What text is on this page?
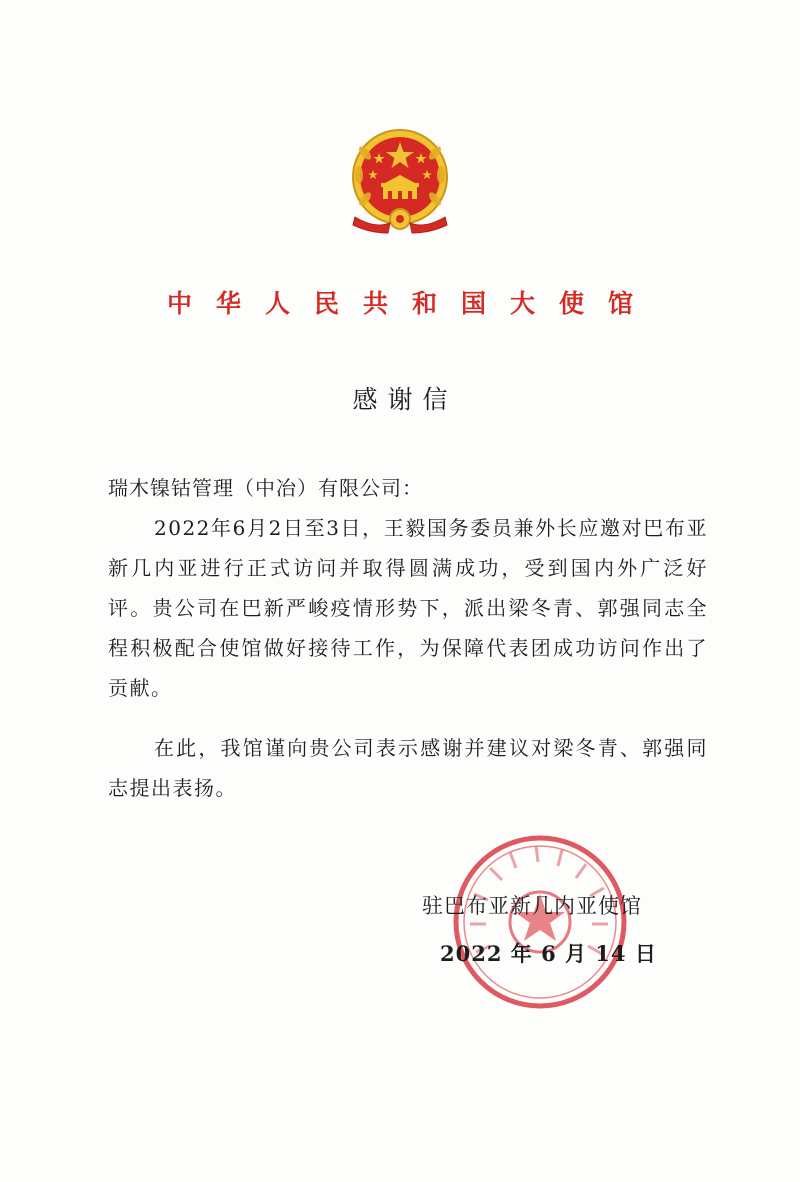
中华人民共和国大使馆
感谢信
瑞木镍钴管理（中冶）有限公司：
2022年6月2日至3日，王毅国务委员兼外长应邀对巴布亚新几内亚进行正式访问并取得圆满成功，受到国内外广泛好评。贵公司在巴新严峻疫情形势下，派出梁冬青、郭强同志全程积极配合使馆做好接待工作，为保障代表团成功访问作出了贡献。
在此，我馆谨向贵公司表示感谢并建议对梁冬青、郭强同志提出表扬。
驻巴布亚新几内亚使馆
2022 年 6 月 14 日
